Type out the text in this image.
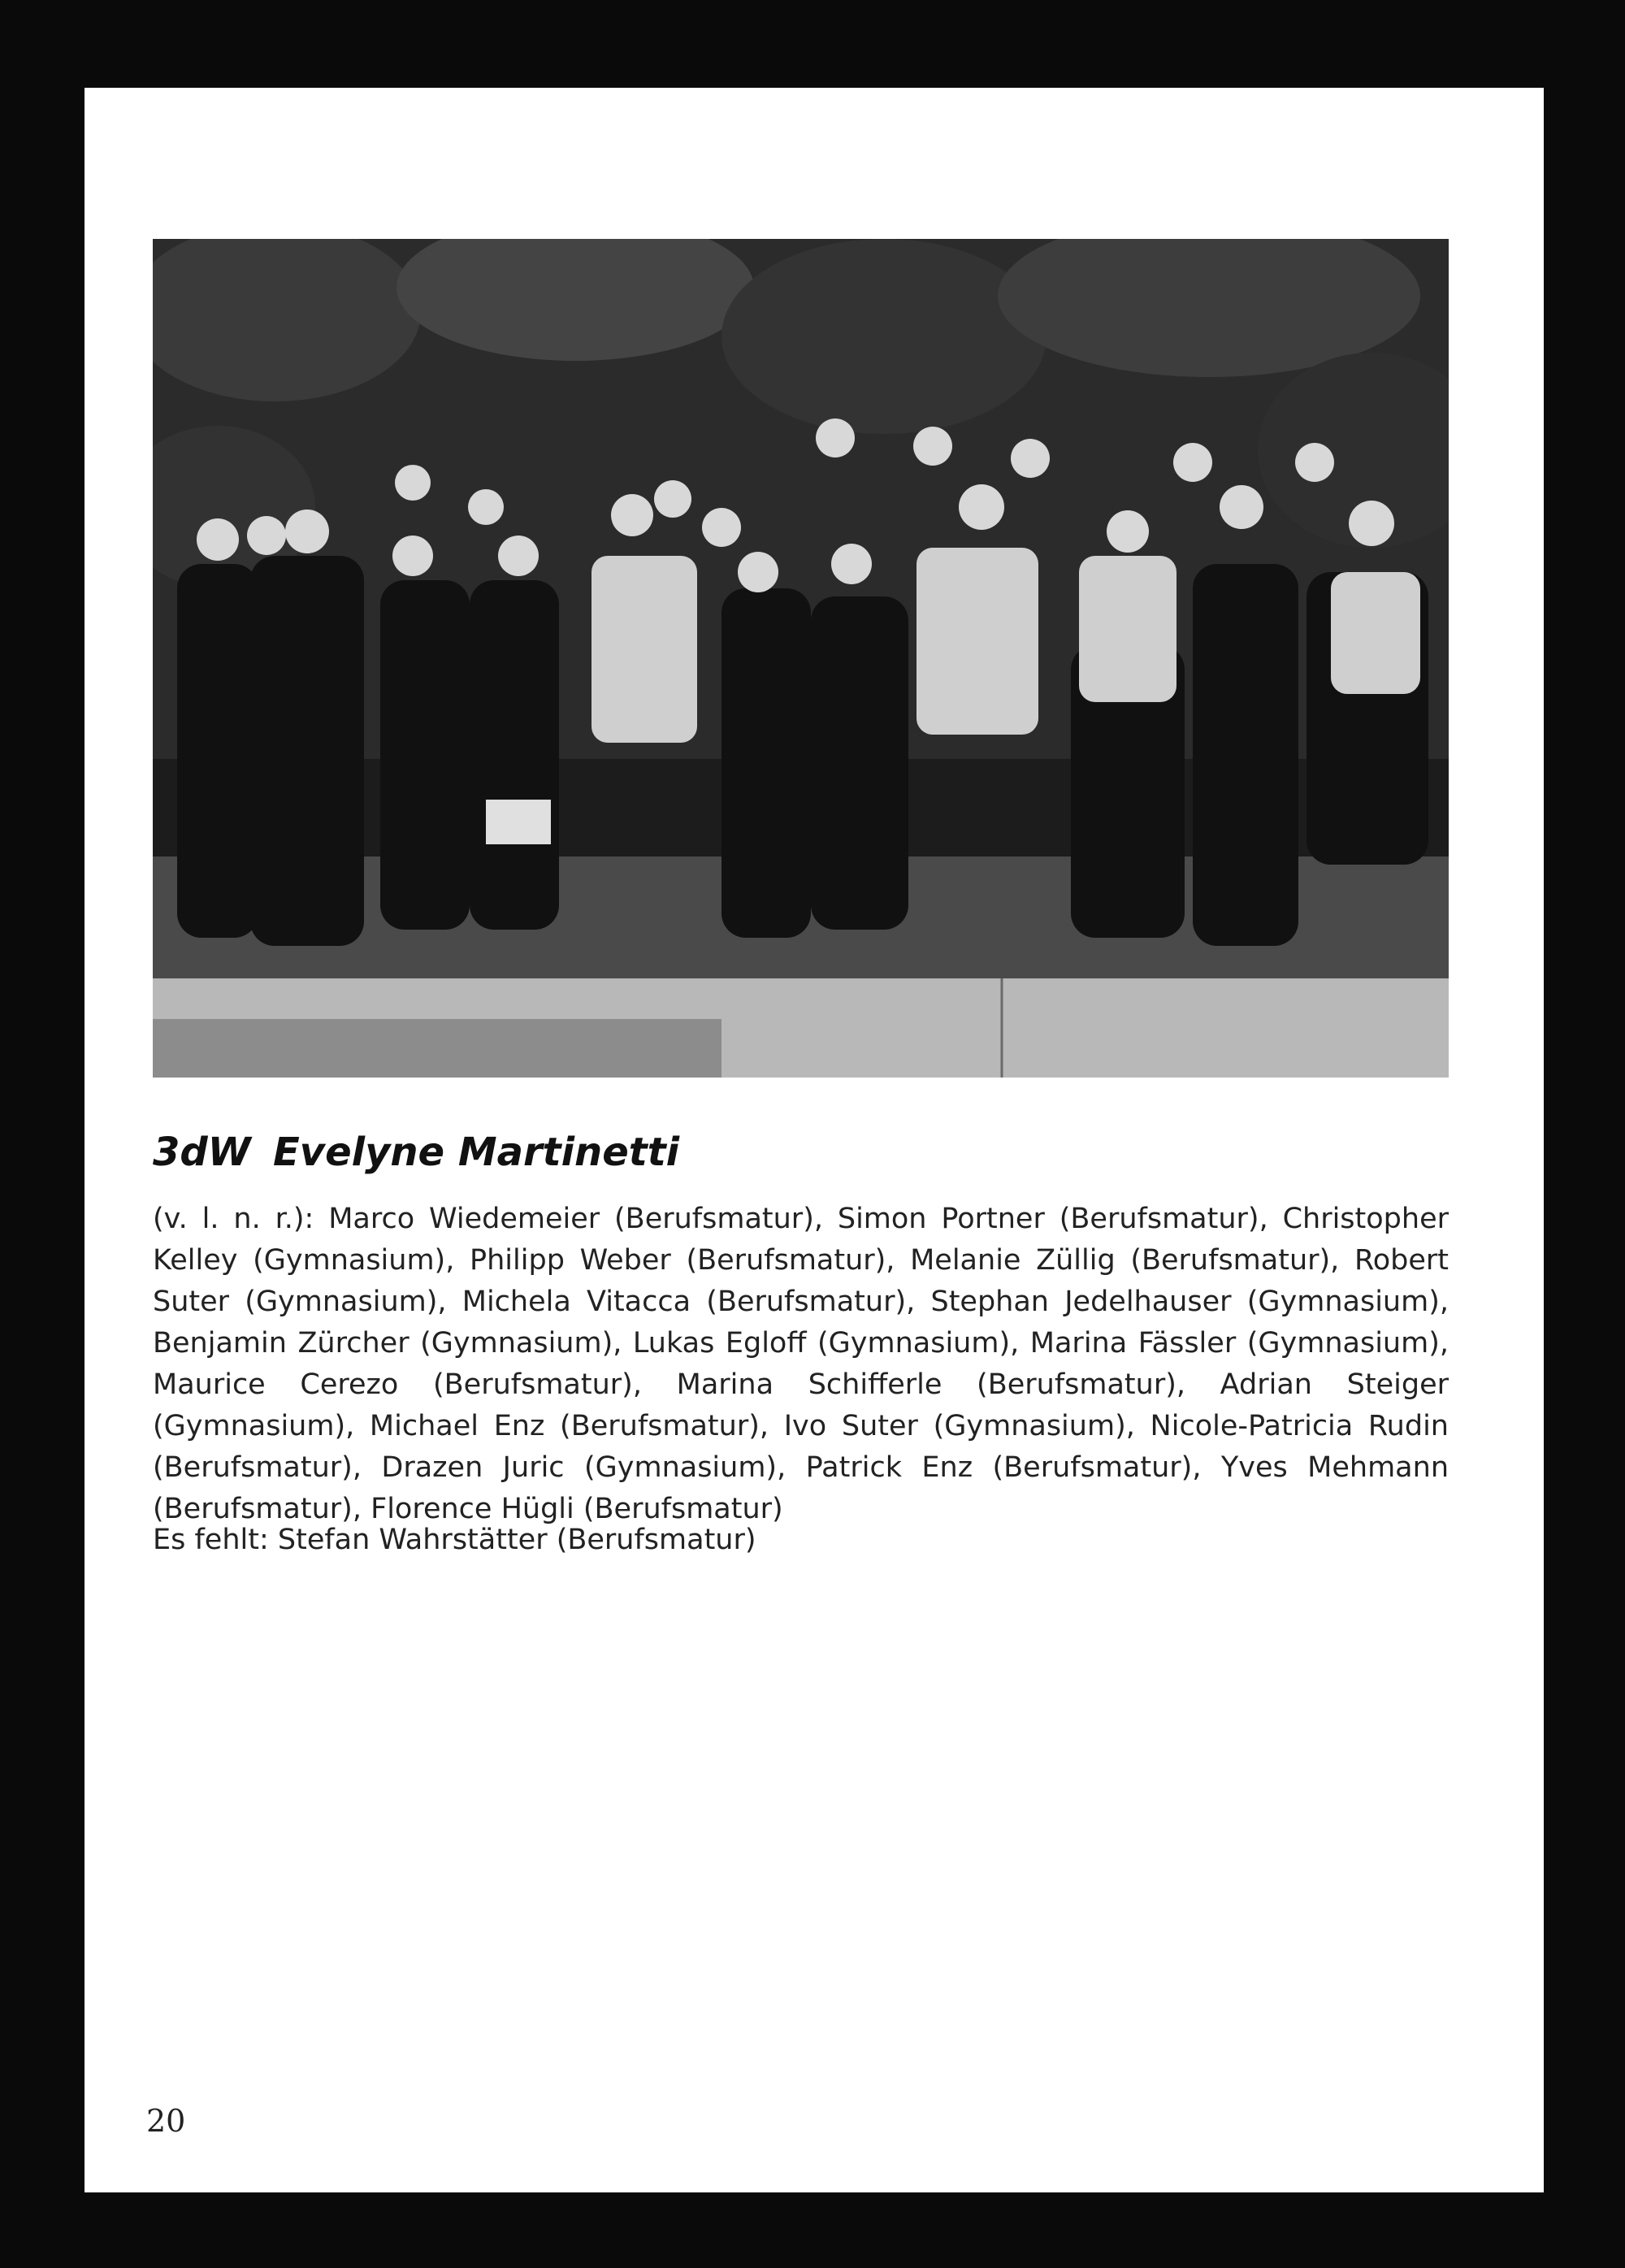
3dW Evelyne Martinetti
(v. l. n. r.): Marco Wiedemeier (Berufsmatur), Simon Portner (Berufsmatur), Christopher Kelley (Gymnasium), Philipp Weber (Berufsmatur), Melanie Züllig (Berufsmatur), Robert Suter (Gymnasium), Michela Vitacca (Berufsmatur), Stephan Jedelhauser (Gymnasium), Benjamin Zürcher (Gymnasium), Lukas Egloff (Gymnasium), Marina Fässler (Gymnasium), Maurice Cerezo (Berufsmatur), Marina Schifferle (Berufsmatur), Adrian Steiger (Gymnasium), Michael Enz (Berufsmatur), Ivo Suter (Gymnasium), Nicole-Patricia Rudin (Berufsmatur), Drazen Juric (Gymnasium), Patrick Enz (Berufsmatur), Yves Mehmann (Berufsmatur), Florence Hügli (Berufsmatur)
Es fehlt: Stefan Wahrstätter (Berufsmatur)
20
